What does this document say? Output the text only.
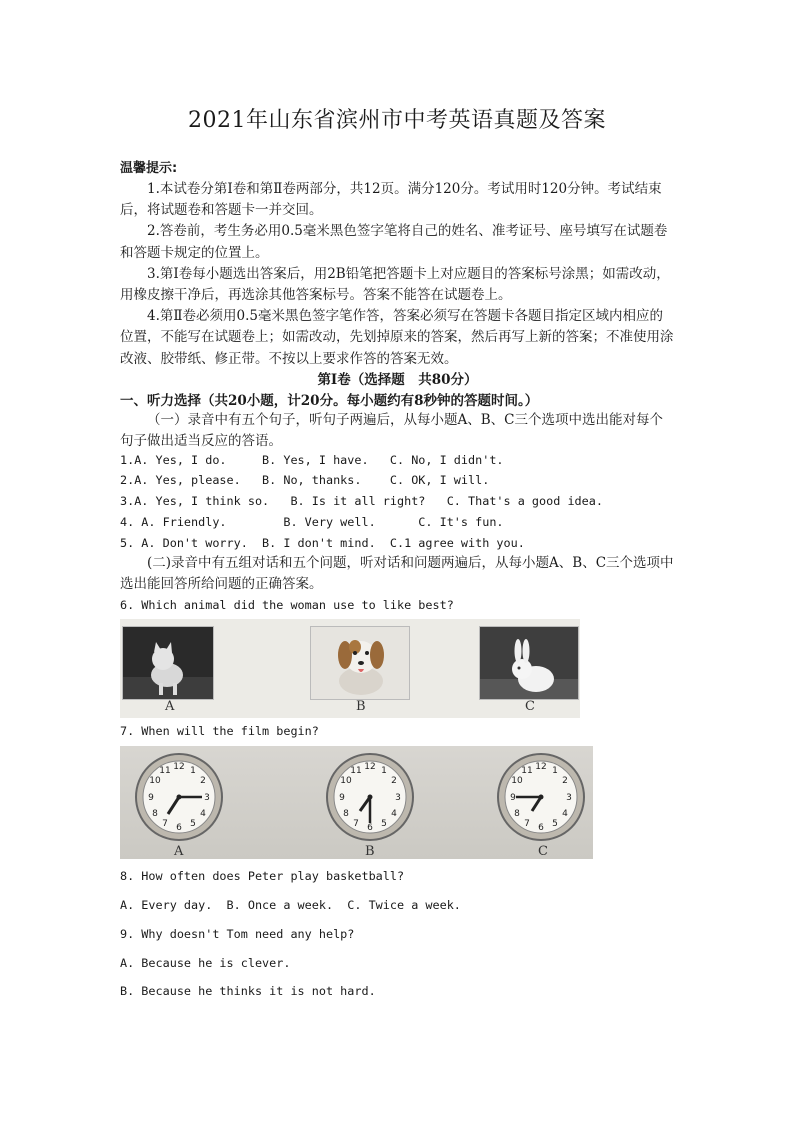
2021年山东省滨州市中考英语真题及答案
温馨提示:

1.本试卷分第Ⅰ卷和第Ⅱ卷两部分，共12页。满分120分。考试用时120分钟。考试结束后，将试题卷和答题卡一并交回。

2.答卷前，考生务必用0.5毫米黑色签字笔将自己的姓名、准考证号、座号填写在试题卷和答题卡规定的位置上。

3.第Ⅰ卷每小题选出答案后，用2B铅笔把答题卡上对应题目的答案标号涂黑；如需改动，用橡皮擦干净后，再选涂其他答案标号。答案不能答在试题卷上。

4.第Ⅱ卷必须用0.5毫米黑色签字笔作答，答案必须写在答题卡各题目指定区域内相应的位置，不能写在试题卷上；如需改动，先划掉原来的答案，然后再写上新的答案；不准使用涂改液、胶带纸、修正带。不按以上要求作答的答案无效。

第Ⅰ卷（选择题　共80分）
一、听力选择（共20小题，计20分。每小题约有8秒钟的答题时间。）

（一）录音中有五个句子，听句子两遍后，从每小题A、B、C三个选项中选出能对每个句子做出适当反应的答语。

1.A. Yes, I do.     B. Yes, I have.   C. No, I didn't.
2.A. Yes, please.   B. No, thanks.    C. OK, I will.
3.A. Yes, I think so.   B. Is it all right?   C. That's a good idea.
4. A. Friendly.        B. Very well.      C. It's fun.
5. A. Don't worry.  B. I don't mind.  C.1 agree with you.

(二)录音中有五组对话和五个问题，听对话和问题两遍后，从每小题A、B、C三个选项中选出能回答所给问题的正确答案。

6. Which animal did the woman use to like best?
A	B	C
7. When will the film begin?
12 1
2
3
4
5
6
7
8
9
10
11
A
12 1
2
3
4
5
6
7
8
9
10
11
B
12 1
2
3
4
5
6
7
8
9
10
11
C
8. How often does Peter play basketball?
A. Every day.  B. Once a week.  C. Twice a week.
9. Why doesn't Tom need any help?
A. Because he is clever.
B. Because he thinks it is not hard.
